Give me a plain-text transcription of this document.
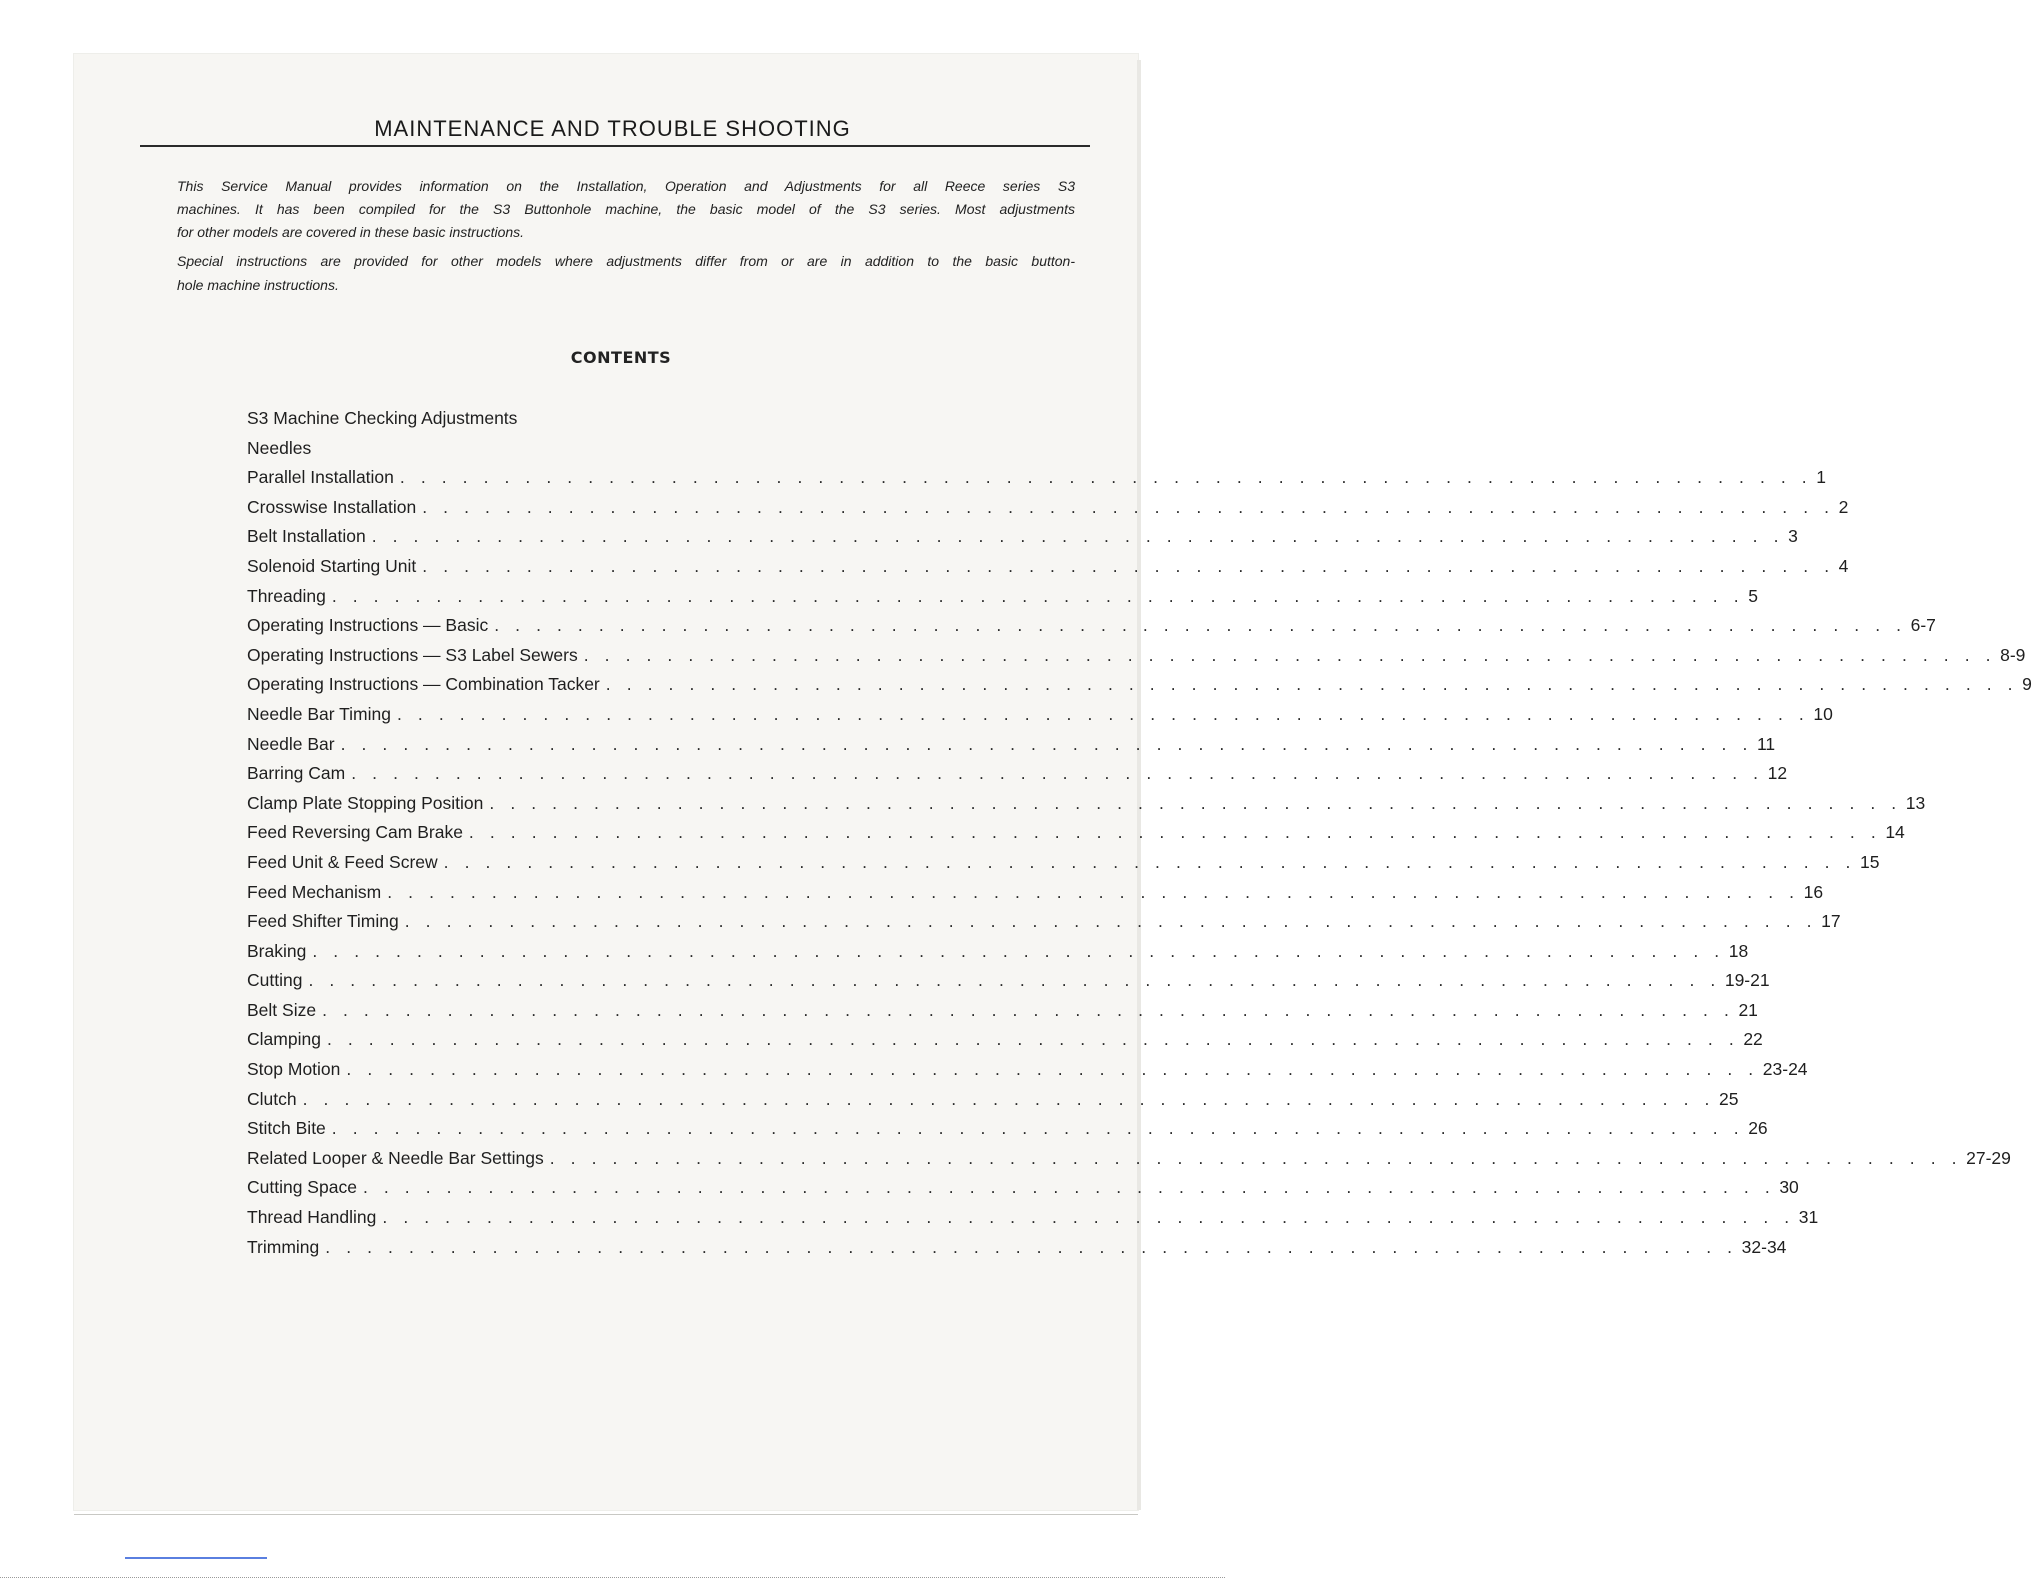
MAINTENANCE AND TROUBLE SHOOTING
This Service Manual provides information on the Installation, Operation and Adjustments for all Reece series S3
machines. It has been compiled for the S3 Buttonhole machine, the basic model of the S3 series. Most adjustments
for other models are covered in these basic instructions.
Special instructions are provided for other models where adjustments differ from or are in addition to the basic button-
hole machine instructions.
CONTENTS
S3 Machine Checking Adjustments
Needles
Parallel Installation . . . . . . . . . . . . . . . . . . . . . . . . . . . . . . . . . . . . . . . . . . . . . . . . . . . . . . . . . . . . . . . . . . . . 1
Crosswise Installation . . . . . . . . . . . . . . . . . . . . . . . . . . . . . . . . . . . . . . . . . . . . . . . . . . . . . . . . . . . . . . . . . . . . 2
Belt Installation . . . . . . . . . . . . . . . . . . . . . . . . . . . . . . . . . . . . . . . . . . . . . . . . . . . . . . . . . . . . . . . . . . . . 3
Solenoid Starting Unit . . . . . . . . . . . . . . . . . . . . . . . . . . . . . . . . . . . . . . . . . . . . . . . . . . . . . . . . . . . . . . . . . . . . 4
Threading . . . . . . . . . . . . . . . . . . . . . . . . . . . . . . . . . . . . . . . . . . . . . . . . . . . . . . . . . . . . . . . . . . . . 5
Operating Instructions — Basic . . . . . . . . . . . . . . . . . . . . . . . . . . . . . . . . . . . . . . . . . . . . . . . . . . . . . . . . . . . . . . . . . . . . 6-7
Operating Instructions — S3 Label Sewers . . . . . . . . . . . . . . . . . . . . . . . . . . . . . . . . . . . . . . . . . . . . . . . . . . . . . . . . . . . . . . . . . . . . 8-9
Operating Instructions — Combination Tacker . . . . . . . . . . . . . . . . . . . . . . . . . . . . . . . . . . . . . . . . . . . . . . . . . . . . . . . . . . . . . . . . . . . . 9
Needle Bar Timing . . . . . . . . . . . . . . . . . . . . . . . . . . . . . . . . . . . . . . . . . . . . . . . . . . . . . . . . . . . . . . . . . . . . 10
Needle Bar . . . . . . . . . . . . . . . . . . . . . . . . . . . . . . . . . . . . . . . . . . . . . . . . . . . . . . . . . . . . . . . . . . . . 11
Barring Cam . . . . . . . . . . . . . . . . . . . . . . . . . . . . . . . . . . . . . . . . . . . . . . . . . . . . . . . . . . . . . . . . . . . . 12
Clamp Plate Stopping Position . . . . . . . . . . . . . . . . . . . . . . . . . . . . . . . . . . . . . . . . . . . . . . . . . . . . . . . . . . . . . . . . . . . . 13
Feed Reversing Cam Brake . . . . . . . . . . . . . . . . . . . . . . . . . . . . . . . . . . . . . . . . . . . . . . . . . . . . . . . . . . . . . . . . . . . . 14
Feed Unit & Feed Screw . . . . . . . . . . . . . . . . . . . . . . . . . . . . . . . . . . . . . . . . . . . . . . . . . . . . . . . . . . . . . . . . . . . . 15
Feed Mechanism . . . . . . . . . . . . . . . . . . . . . . . . . . . . . . . . . . . . . . . . . . . . . . . . . . . . . . . . . . . . . . . . . . . . 16
Feed Shifter Timing . . . . . . . . . . . . . . . . . . . . . . . . . . . . . . . . . . . . . . . . . . . . . . . . . . . . . . . . . . . . . . . . . . . . 17
Braking . . . . . . . . . . . . . . . . . . . . . . . . . . . . . . . . . . . . . . . . . . . . . . . . . . . . . . . . . . . . . . . . . . . . 18
Cutting . . . . . . . . . . . . . . . . . . . . . . . . . . . . . . . . . . . . . . . . . . . . . . . . . . . . . . . . . . . . . . . . . . . . 19-21
Belt Size . . . . . . . . . . . . . . . . . . . . . . . . . . . . . . . . . . . . . . . . . . . . . . . . . . . . . . . . . . . . . . . . . . . . 21
Clamping . . . . . . . . . . . . . . . . . . . . . . . . . . . . . . . . . . . . . . . . . . . . . . . . . . . . . . . . . . . . . . . . . . . . 22
Stop Motion . . . . . . . . . . . . . . . . . . . . . . . . . . . . . . . . . . . . . . . . . . . . . . . . . . . . . . . . . . . . . . . . . . . . 23-24
Clutch . . . . . . . . . . . . . . . . . . . . . . . . . . . . . . . . . . . . . . . . . . . . . . . . . . . . . . . . . . . . . . . . . . . . 25
Stitch Bite . . . . . . . . . . . . . . . . . . . . . . . . . . . . . . . . . . . . . . . . . . . . . . . . . . . . . . . . . . . . . . . . . . . . 26
Related Looper & Needle Bar Settings . . . . . . . . . . . . . . . . . . . . . . . . . . . . . . . . . . . . . . . . . . . . . . . . . . . . . . . . . . . . . . . . . . . . 27-29
Cutting Space . . . . . . . . . . . . . . . . . . . . . . . . . . . . . . . . . . . . . . . . . . . . . . . . . . . . . . . . . . . . . . . . . . . . 30
Thread Handling . . . . . . . . . . . . . . . . . . . . . . . . . . . . . . . . . . . . . . . . . . . . . . . . . . . . . . . . . . . . . . . . . . . . 31
Trimming . . . . . . . . . . . . . . . . . . . . . . . . . . . . . . . . . . . . . . . . . . . . . . . . . . . . . . . . . . . . . . . . . . . . 32-34
